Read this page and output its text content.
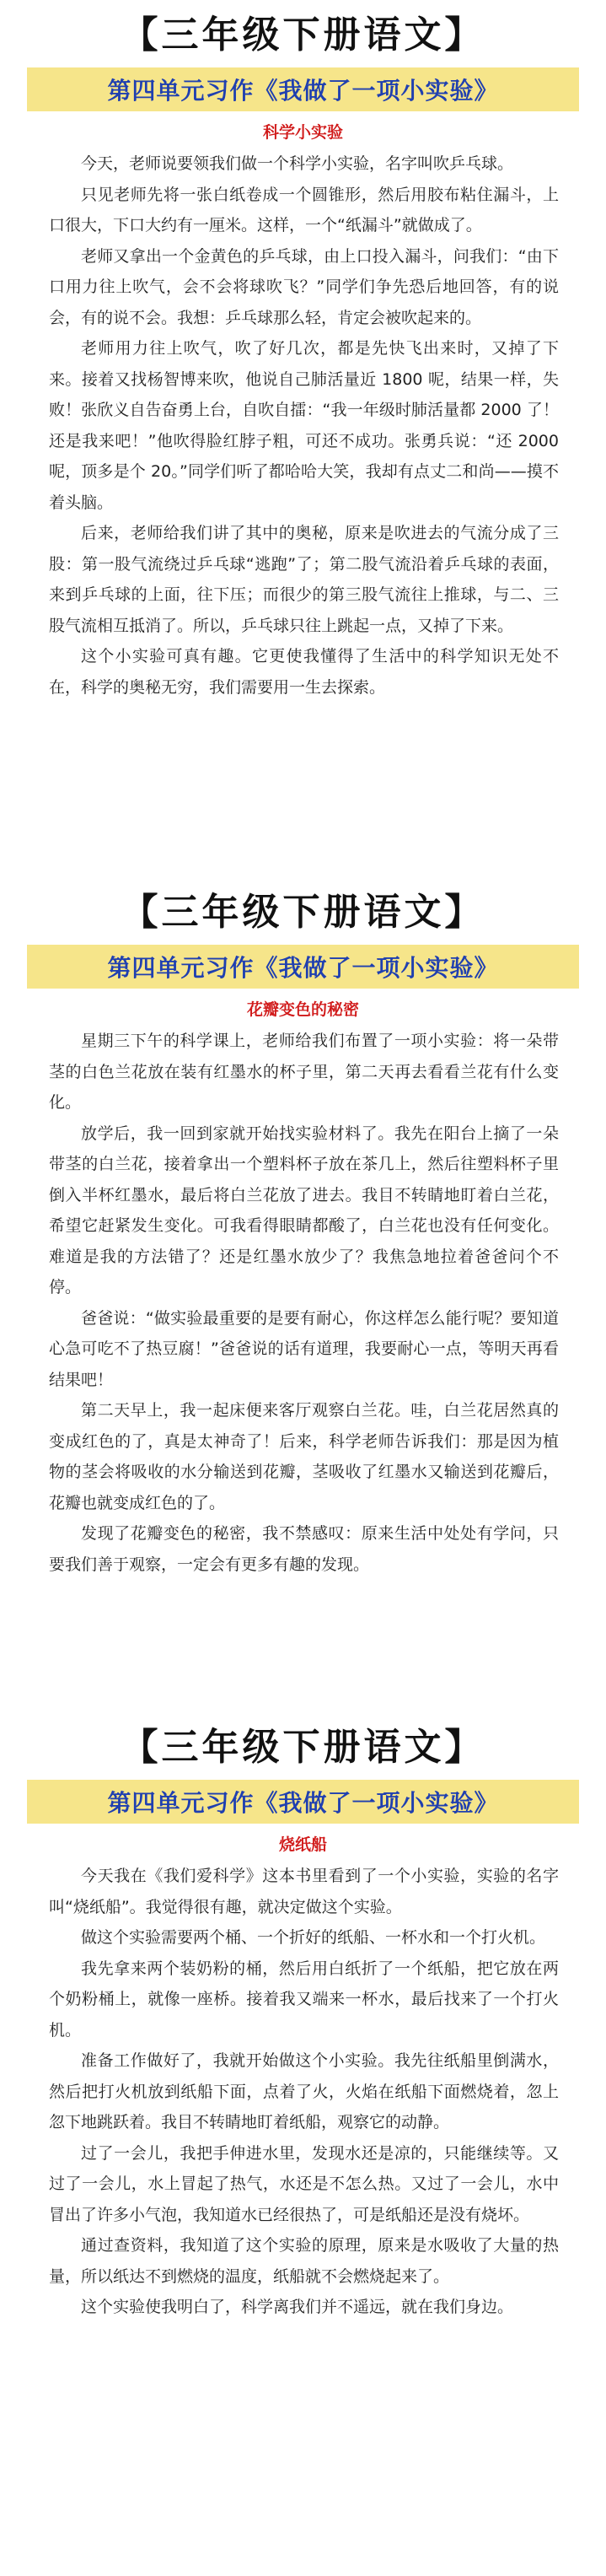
【三年级下册语文】
第四单元习作《我做了一项小实验》
科学小实验

今天，老师说要领我们做一个科学小实验，名字叫吹乒乓球。

只见老师先将一张白纸卷成一个圆锥形，然后用胶布粘住漏斗，上口很大，下口大约有一厘米。这样，一个“纸漏斗”就做成了。

老师又拿出一个金黄色的乒乓球，由上口投入漏斗，问我们：“由下口用力往上吹气，会不会将球吹飞？”同学们争先恐后地回答，有的说会，有的说不会。我想：乒乓球那么轻，肯定会被吹起来的。

老师用力往上吹气，吹了好几次，都是先快飞出来时，又掉了下来。接着又找杨智博来吹，他说自己肺活量近 1800 呢，结果一样，失败！张欣义自告奋勇上台，自吹自擂：“我一年级时肺活量都 2000 了！还是我来吧！”他吹得脸红脖子粗，可还不成功。张勇兵说：“还 2000 呢，顶多是个 20。”同学们听了都哈哈大笑，我却有点丈二和尚——摸不着头脑。

后来，老师给我们讲了其中的奥秘，原来是吹进去的气流分成了三股：第一股气流绕过乒乓球“逃跑”了；第二股气流沿着乒乓球的表面，来到乒乓球的上面，往下压；而很少的第三股气流往上推球，与二、三股气流相互抵消了。所以，乒乓球只往上跳起一点，又掉了下来。

这个小实验可真有趣。它更使我懂得了生活中的科学知识无处不在，科学的奥秘无穷，我们需要用一生去探索。

【三年级下册语文】
第四单元习作《我做了一项小实验》
花瓣变色的秘密

星期三下午的科学课上，老师给我们布置了一项小实验：将一朵带茎的白色兰花放在装有红墨水的杯子里，第二天再去看看兰花有什么变化。

放学后，我一回到家就开始找实验材料了。我先在阳台上摘了一朵带茎的白兰花，接着拿出一个塑料杯子放在茶几上，然后往塑料杯子里倒入半杯红墨水，最后将白兰花放了进去。我目不转睛地盯着白兰花，希望它赶紧发生变化。可我看得眼睛都酸了，白兰花也没有任何变化。难道是我的方法错了？还是红墨水放少了？我焦急地拉着爸爸问个不停。

爸爸说：“做实验最重要的是要有耐心，你这样怎么能行呢？要知道心急可吃不了热豆腐！”爸爸说的话有道理，我要耐心一点，等明天再看结果吧！

第二天早上，我一起床便来客厅观察白兰花。哇，白兰花居然真的变成红色的了，真是太神奇了！后来，科学老师告诉我们：那是因为植物的茎会将吸收的水分输送到花瓣，茎吸收了红墨水又输送到花瓣后，花瓣也就变成红色的了。

发现了花瓣变色的秘密，我不禁感叹：原来生活中处处有学问，只要我们善于观察，一定会有更多有趣的发现。

【三年级下册语文】
第四单元习作《我做了一项小实验》
烧纸船

今天我在《我们爱科学》这本书里看到了一个小实验，实验的名字叫“烧纸船”。我觉得很有趣，就决定做这个实验。

做这个实验需要两个桶、一个折好的纸船、一杯水和一个打火机。

我先拿来两个装奶粉的桶，然后用白纸折了一个纸船，把它放在两个奶粉桶上，就像一座桥。接着我又端来一杯水，最后找来了一个打火机。

准备工作做好了，我就开始做这个小实验。我先往纸船里倒满水，然后把打火机放到纸船下面，点着了火，火焰在纸船下面燃烧着，忽上忽下地跳跃着。我目不转睛地盯着纸船，观察它的动静。

过了一会儿，我把手伸进水里，发现水还是凉的，只能继续等。又过了一会儿，水上冒起了热气，水还是不怎么热。又过了一会儿，水中冒出了许多小气泡，我知道水已经很热了，可是纸船还是没有烧坏。

通过查资料，我知道了这个实验的原理，原来是水吸收了大量的热量，所以纸达不到燃烧的温度，纸船就不会燃烧起来了。

这个实验使我明白了，科学离我们并不遥远，就在我们身边。
